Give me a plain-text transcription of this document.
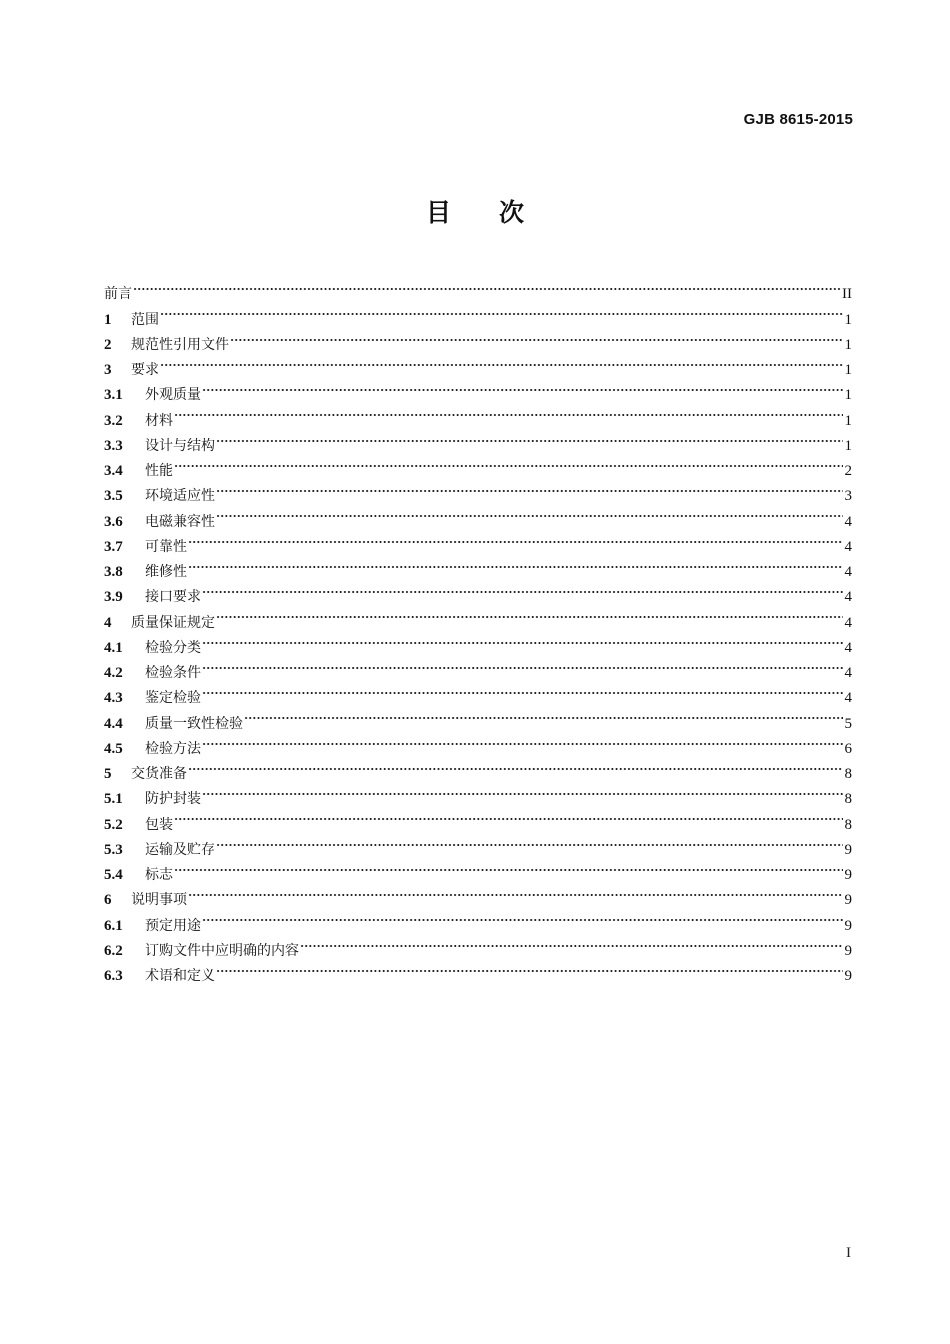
GJB 8615-2015
目 次
前言	II
1	范围	1
2	规范性引用文件	1
3	要求	1
3.1	外观质量	1
3.2	材料	1
3.3	设计与结构	1
3.4	性能	2
3.5	环境适应性	3
3.6	电磁兼容性	4
3.7	可靠性	4
3.8	维修性	4
3.9	接口要求	4
4	质量保证规定	4
4.1	检验分类	4
4.2	检验条件	4
4.3	鉴定检验	4
4.4	质量一致性检验	5
4.5	检验方法	6
5	交货准备	8
5.1	防护封装	8
5.2	包装	8
5.3	运输及贮存	9
5.4	标志	9
6	说明事项	9
6.1	预定用途	9
6.2	订购文件中应明确的内容	9
6.3	术语和定义	9
I
